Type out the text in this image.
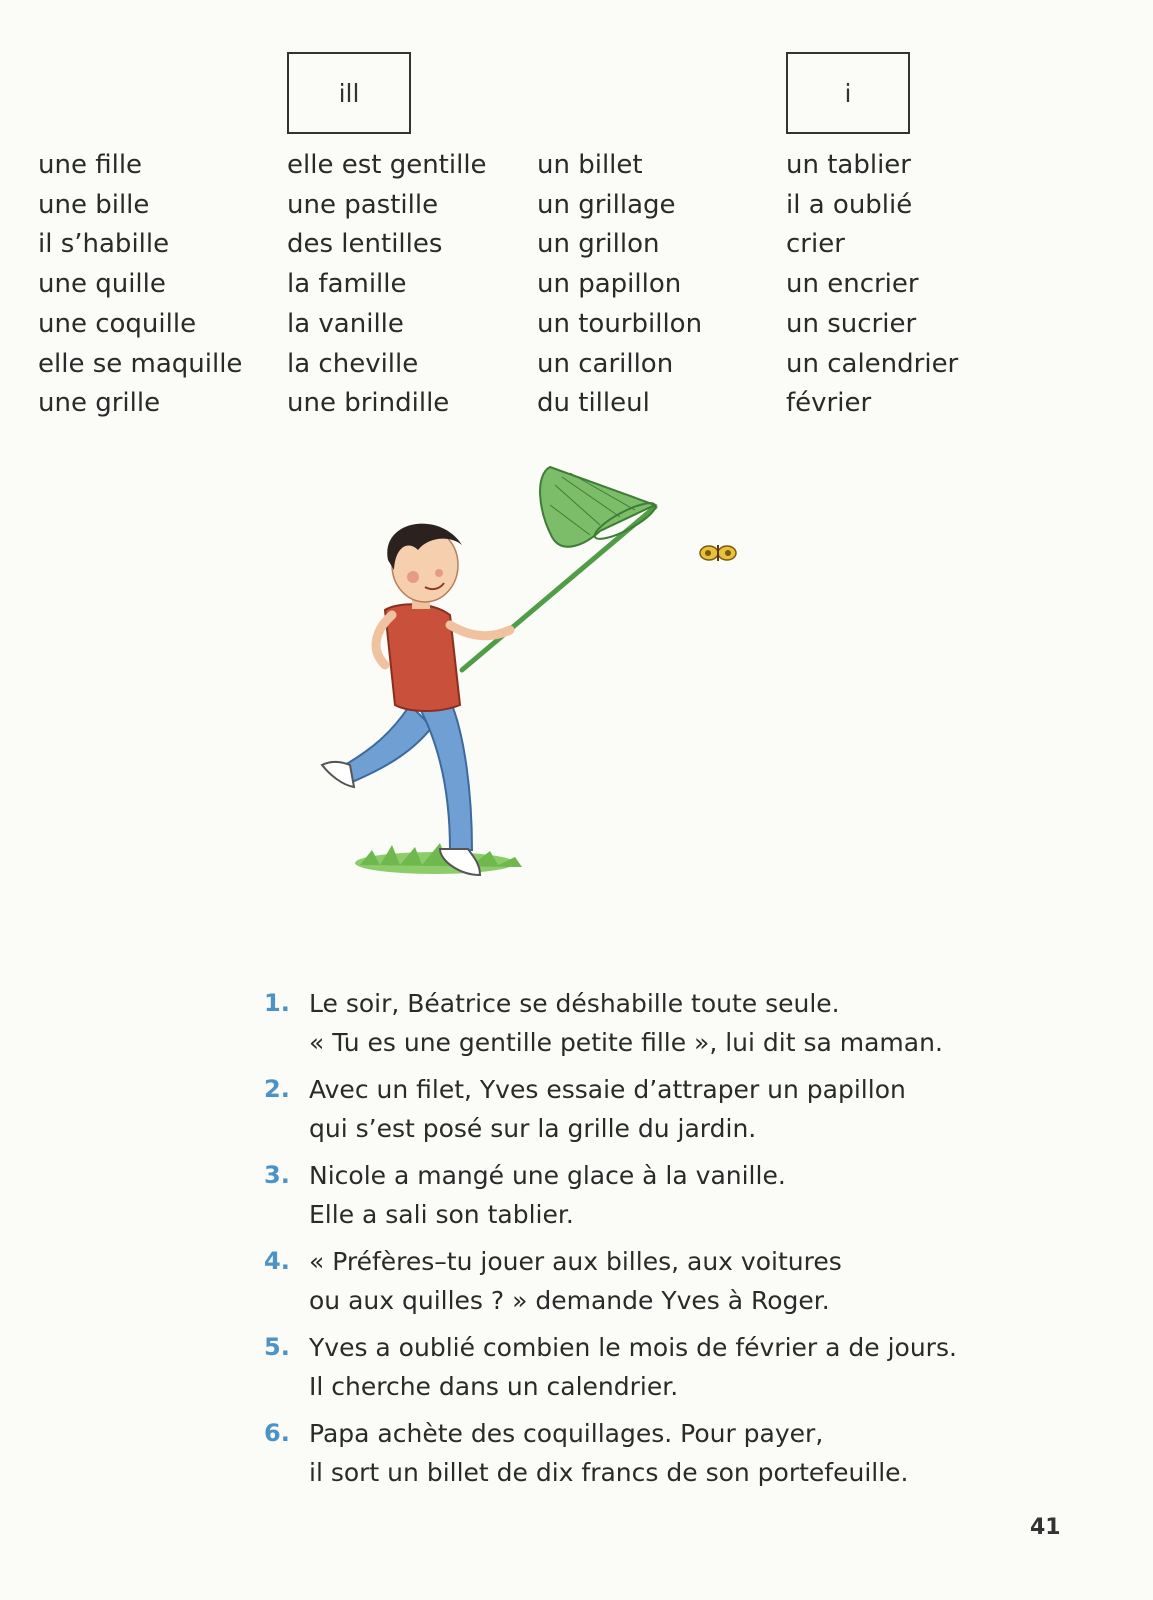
ill	i
une fille
une bille
il s’habille
une quille
une coquille
elle se maquille
une grille
elle est gentille
une pastille
des lentilles
la famille
la vanille
la cheville
une brindille
un billet
un grillage
un grillon
un papillon
un tourbillon
un carillon
du tilleul
un tablier
il a oublié
crier
un encrier
un sucrier
un calendrier
février
1. Le soir, Béatrice se déshabille toute seule.
« Tu es une gentille petite fille », lui dit sa maman.
2. Avec un filet, Yves essaie d’attraper un papillon
qui s’est posé sur la grille du jardin.
3. Nicole a mangé une glace à la vanille.
Elle a sali son tablier.
4. « Préfères–tu jouer aux billes, aux voitures
ou aux quilles ? » demande Yves à Roger.
5. Yves a oublié combien le mois de février a de jours.
Il cherche dans un calendrier.
6. Papa achète des coquillages. Pour payer,
il sort un billet de dix francs de son portefeuille.
41
